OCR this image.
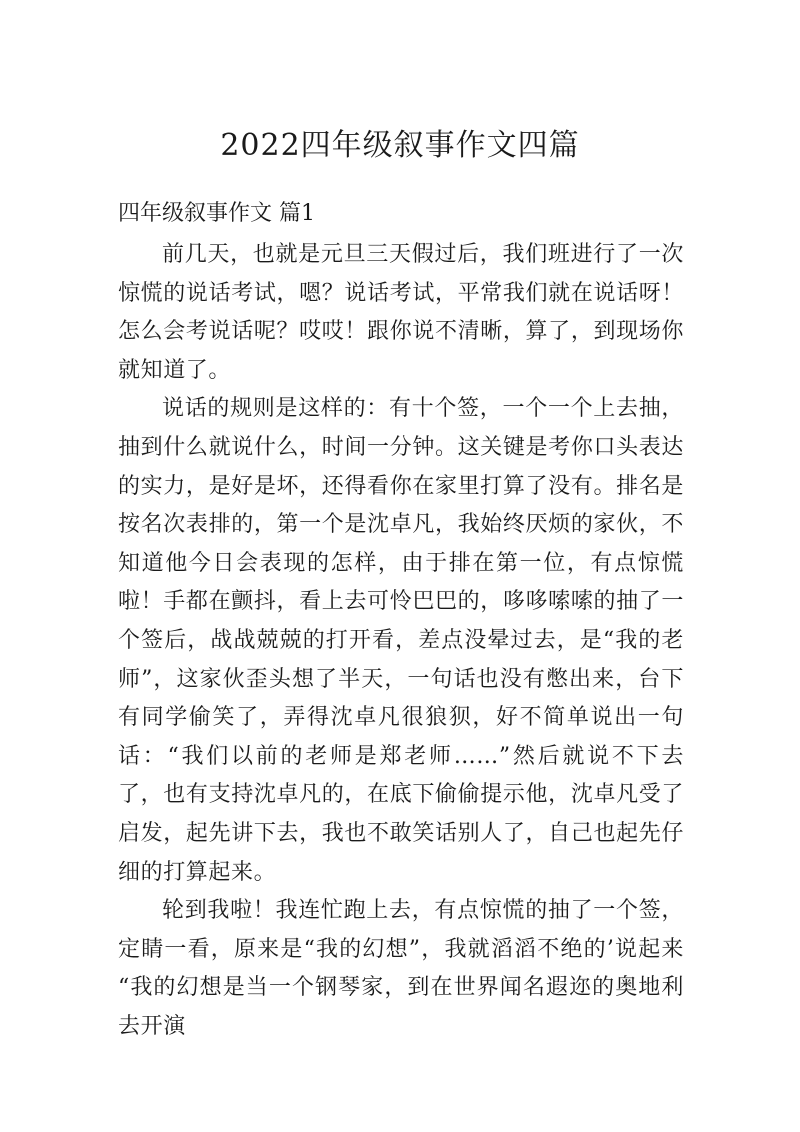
2022四年级叙事作文四篇
四年级叙事作文 篇1

前几天，也就是元旦三天假过后，我们班进行了一次惊慌的说话考试，嗯？说话考试，平常我们就在说话呀！怎么会考说话呢？哎哎！跟你说不清晰，算了，到现场你就知道了。

说话的规则是这样的：有十个签，一个一个上去抽，抽到什么就说什么，时间一分钟。这关键是考你口头表达的实力，是好是坏，还得看你在家里打算了没有。排名是按名次表排的，第一个是沈卓凡，我始终厌烦的家伙，不知道他今日会表现的怎样，由于排在第一位，有点惊慌啦！手都在颤抖，看上去可怜巴巴的，哆哆嗦嗦的抽了一个签后，战战兢兢的打开看，差点没晕过去，是“我的老师”，这家伙歪头想了半天，一句话也没有憋出来，台下有同学偷笑了，弄得沈卓凡很狼狈，好不简单说出一句话：“我们以前的老师是郑老师……”然后就说不下去了，也有支持沈卓凡的，在底下偷偷提示他，沈卓凡受了启发，起先讲下去，我也不敢笑话别人了，自己也起先仔细的打算起来。

轮到我啦！我连忙跑上去，有点惊慌的抽了一个签，定睛一看，原来是“我的幻想”，我就滔滔不绝的’说起来 “我的幻想是当一个钢琴家，到在世界闻名遐迩的奥地利去开演
